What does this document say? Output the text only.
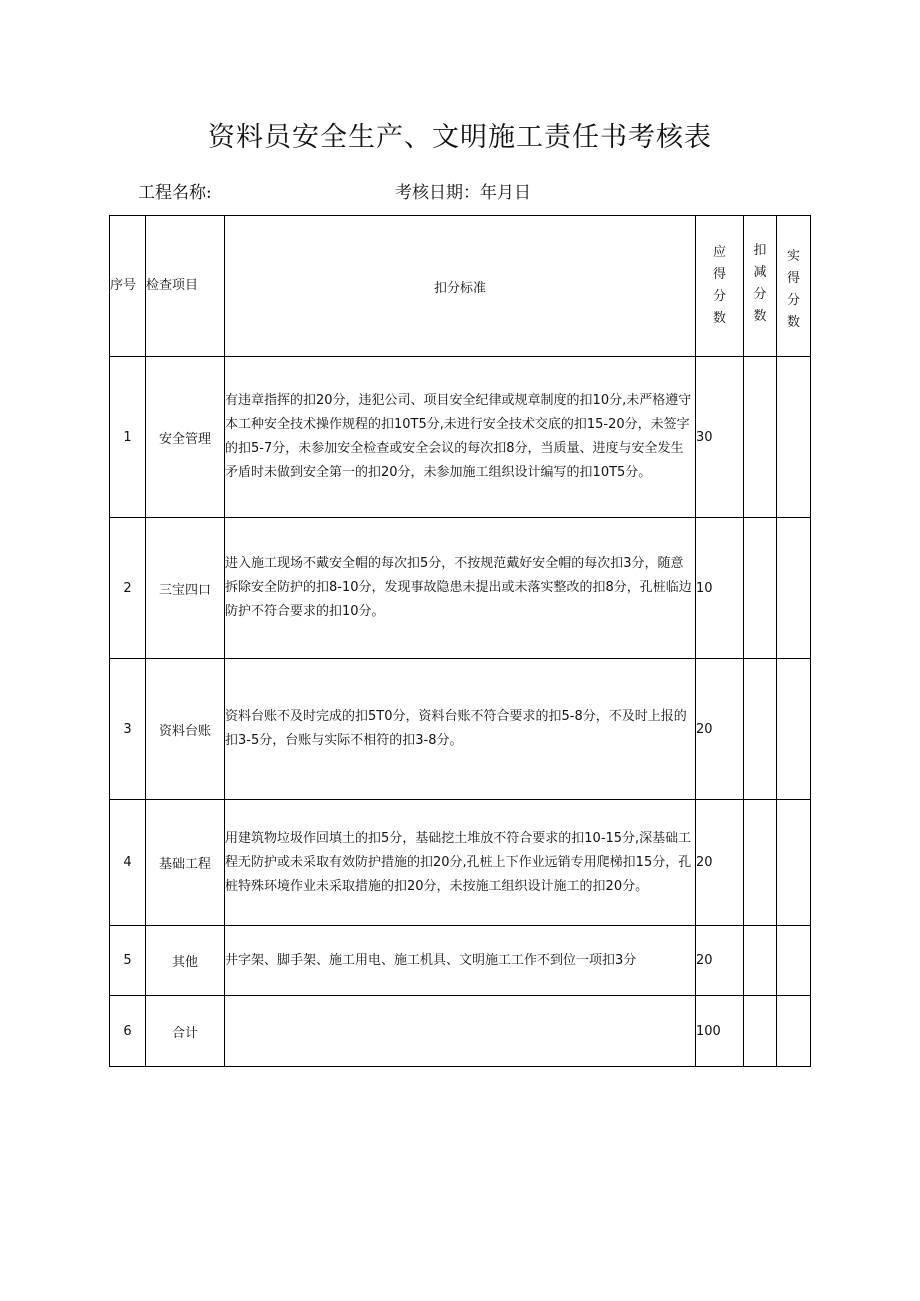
资料员安全生产、文明施工责任书考核表
工程名称:	考核日期：年月日
序号	检查项目	扣分标准	应
得
分
数	扣
减
分
数	实
得
分
数

1	安全管理	有违章指挥的扣20分，违犯公司、项目安全纪律或规章制度的扣10分,未严格遵守本工种安全技术操作规程的扣10T5分,未进行安全技术交底的扣15-20分，未签字的扣5-7分，未参加安全检查或安全会议的每次扣8分，当质量、进度与安全发生矛盾时未做到安全第一的扣20分，未参加施工组织设计编写的扣10T5分。	30		
2	三宝四口	进入施工现场不戴安全帽的每次扣5分，不按规范戴好安全帽的每次扣3分，随意拆除安全防护的扣8-10分，发现事故隐患未提出或未落实整改的扣8分，孔桩临边防护不符合要求的扣10分。	10		
3	资料台账	资料台账不及时完成的扣5T0分，资料台账不符合要求的扣5-8分，不及时上报的扣3-5分，台账与实际不相符的扣3-8分。	20		
4	基础工程	用建筑物垃圾作回填土的扣5分，基础挖土堆放不符合要求的扣10-15分,深基础工程无防护或未采取有效防护措施的扣20分,孔桩上下作业远销专用爬梯扣15分，孔桩特殊环境作业未采取措施的扣20分，未按施工组织设计施工的扣20分。	20		
5	其他	井字架、脚手架、施工用电、施工机具、文明施工工作不到位一项扣3分	20		
6	合计		100		
